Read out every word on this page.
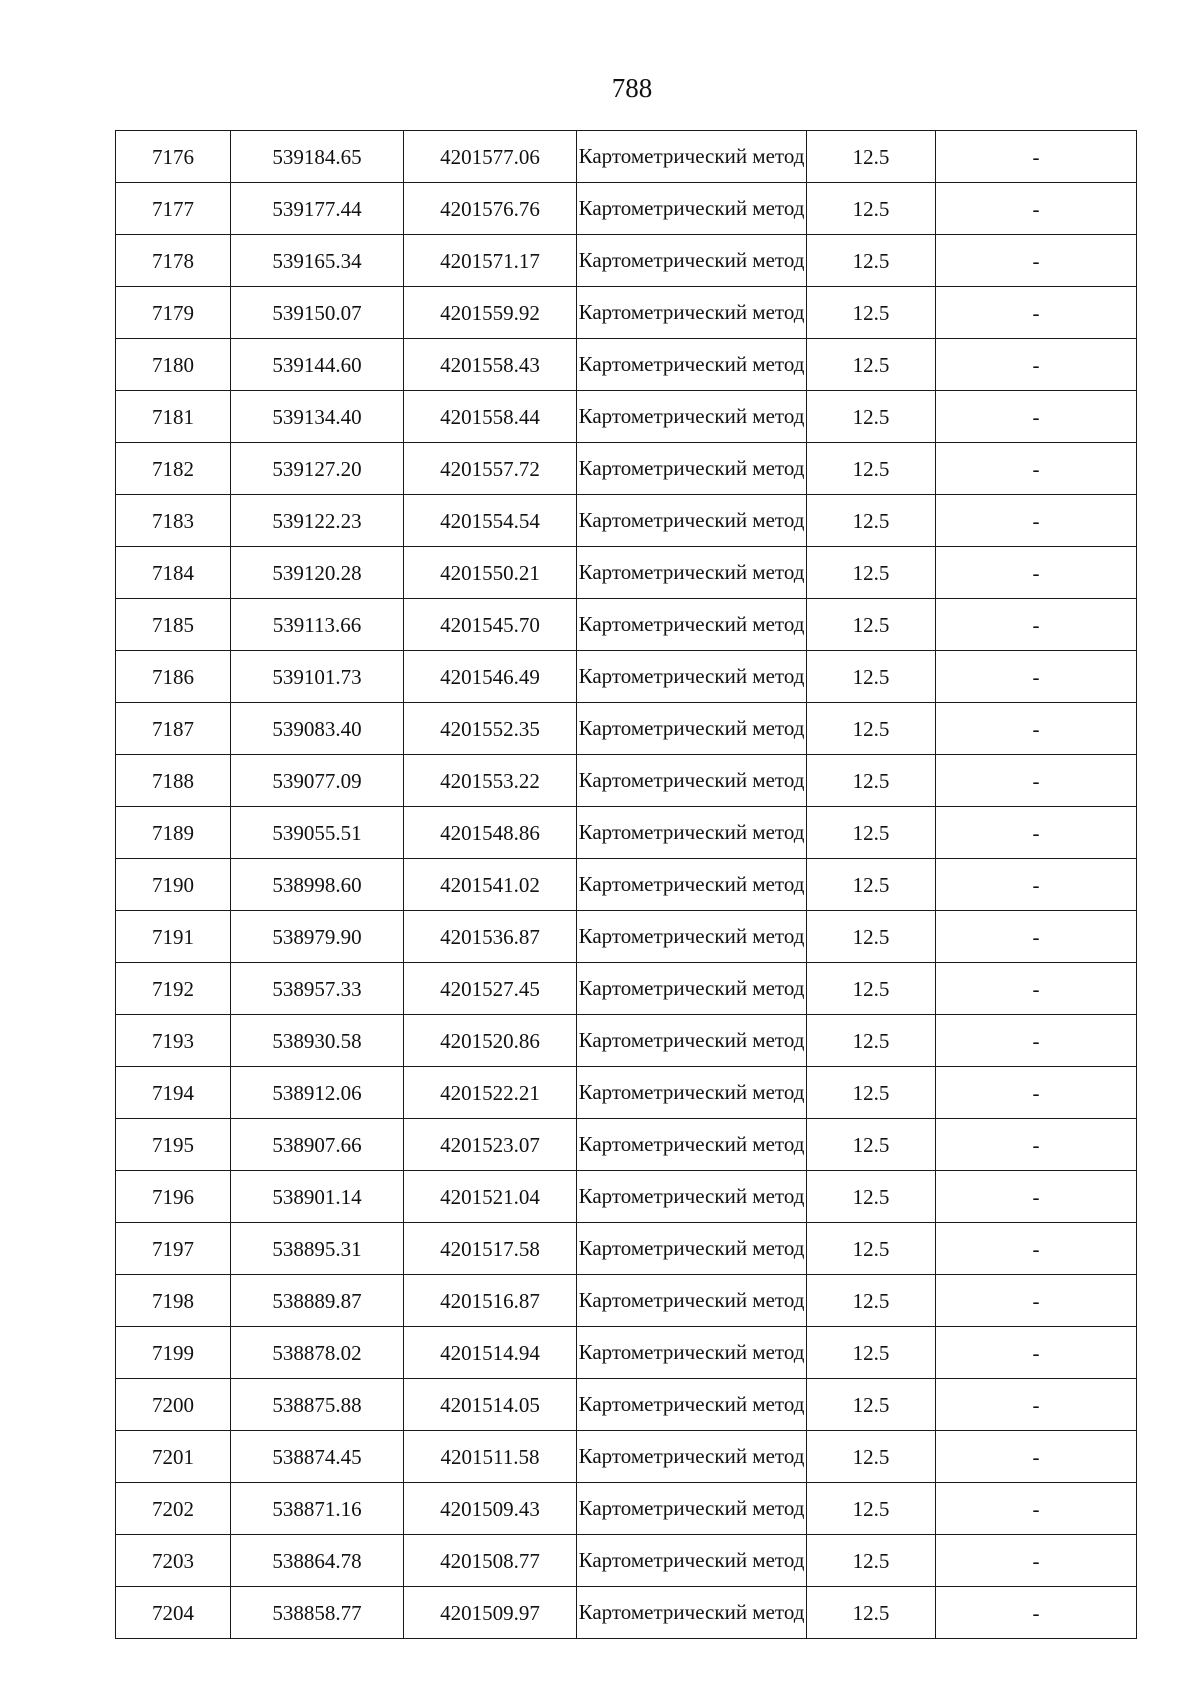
788
7176	539184.65	4201577.06	Картометрический метод	12.5	-
7177	539177.44	4201576.76	Картометрический метод	12.5	-
7178	539165.34	4201571.17	Картометрический метод	12.5	-
7179	539150.07	4201559.92	Картометрический метод	12.5	-
7180	539144.60	4201558.43	Картометрический метод	12.5	-
7181	539134.40	4201558.44	Картометрический метод	12.5	-
7182	539127.20	4201557.72	Картометрический метод	12.5	-
7183	539122.23	4201554.54	Картометрический метод	12.5	-
7184	539120.28	4201550.21	Картометрический метод	12.5	-
7185	539113.66	4201545.70	Картометрический метод	12.5	-
7186	539101.73	4201546.49	Картометрический метод	12.5	-
7187	539083.40	4201552.35	Картометрический метод	12.5	-
7188	539077.09	4201553.22	Картометрический метод	12.5	-
7189	539055.51	4201548.86	Картометрический метод	12.5	-
7190	538998.60	4201541.02	Картометрический метод	12.5	-
7191	538979.90	4201536.87	Картометрический метод	12.5	-
7192	538957.33	4201527.45	Картометрический метод	12.5	-
7193	538930.58	4201520.86	Картометрический метод	12.5	-
7194	538912.06	4201522.21	Картометрический метод	12.5	-
7195	538907.66	4201523.07	Картометрический метод	12.5	-
7196	538901.14	4201521.04	Картометрический метод	12.5	-
7197	538895.31	4201517.58	Картометрический метод	12.5	-
7198	538889.87	4201516.87	Картометрический метод	12.5	-
7199	538878.02	4201514.94	Картометрический метод	12.5	-
7200	538875.88	4201514.05	Картометрический метод	12.5	-
7201	538874.45	4201511.58	Картометрический метод	12.5	-
7202	538871.16	4201509.43	Картометрический метод	12.5	-
7203	538864.78	4201508.77	Картометрический метод	12.5	-
7204	538858.77	4201509.97	Картометрический метод	12.5	-
